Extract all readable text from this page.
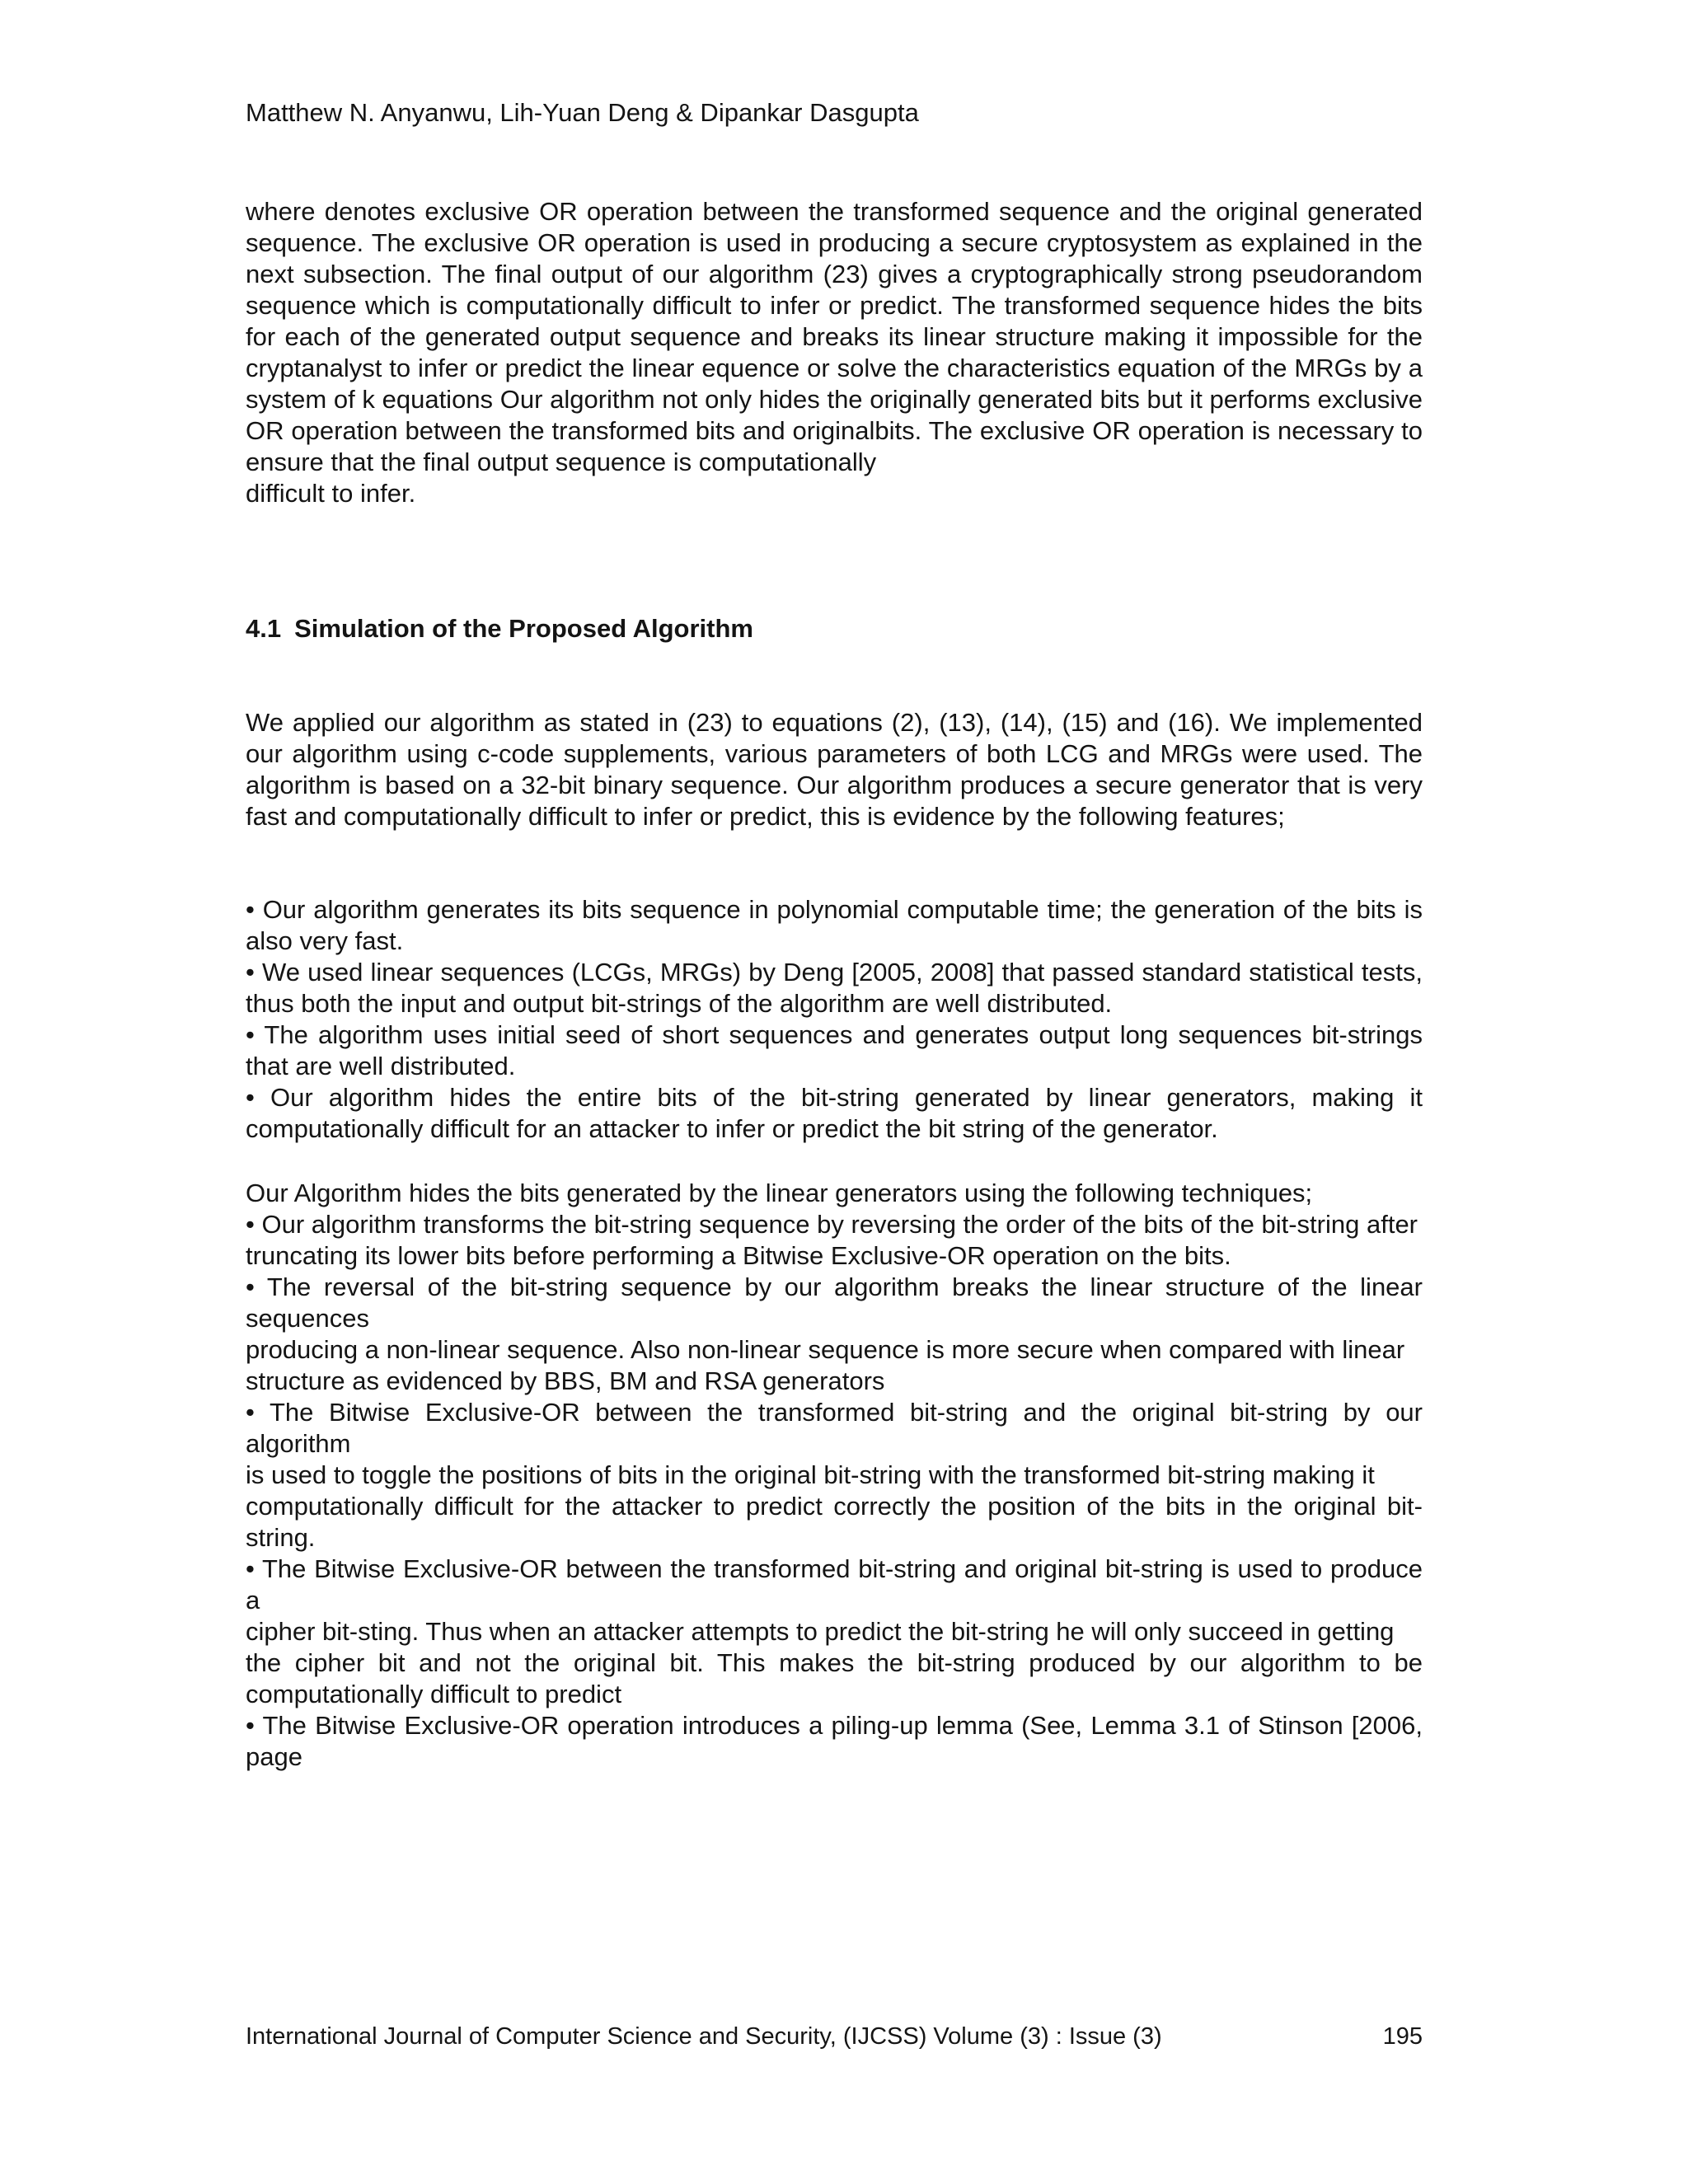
Matthew N. Anyanwu, Lih-Yuan Deng & Dipankar Dasgupta

where denotes exclusive OR operation between the transformed sequence and the original generated sequence. The exclusive OR operation is used in producing a secure cryptosystem as explained in the next subsection. The final output of our algorithm (23) gives a cryptographically strong pseudorandom sequence which is computationally difficult to infer or predict. The transformed sequence hides the bits for each of the generated output sequence and breaks its linear structure making it impossible for the cryptanalyst to infer or predict the linear equence or solve the characteristics equation of the MRGs by a system of k equations Our algorithm not only hides the originally generated bits but it performs exclusive OR operation between the transformed bits and originalbits. The exclusive OR operation is necessary to ensure that the final output sequence is computationally

difficult to infer.
4.1 Simulation of the Proposed Algorithm

We applied our algorithm as stated in (23) to equations (2), (13), (14), (15) and (16). We implemented our algorithm using c-code supplements, various parameters of both LCG and MRGs were used. The algorithm is based on a 32-bit binary sequence. Our algorithm produces a secure generator that is very fast and computationally difficult to infer or predict, this is evidence by the following features;

• Our algorithm generates its bits sequence in polynomial computable time; the generation of the bits is also very fast.

• We used linear sequences (LCGs, MRGs) by Deng [2005, 2008] that passed standard statistical tests, thus both the input and output bit-strings of the algorithm are well distributed.

• The algorithm uses initial seed of short sequences and generates output long sequences bit-strings that are well distributed.

• Our algorithm hides the entire bits of the bit-string generated by linear generators, making it computationally difficult for an attacker to infer or predict the bit string of the generator.

Our Algorithm hides the bits generated by the linear generators using the following techniques;

• Our algorithm transforms the bit-string sequence by reversing the order of the bits of the bit-string after

truncating its lower bits before performing a Bitwise Exclusive-OR operation on the bits.

• The reversal of the bit-string sequence by our algorithm breaks the linear structure of the linear sequences

producing a non-linear sequence. Also non-linear sequence is more secure when compared with linear

structure as evidenced by BBS, BM and RSA generators

• The Bitwise Exclusive-OR between the transformed bit-string and the original bit-string by our algorithm

is used to toggle the positions of bits in the original bit-string with the transformed bit-string making it

computationally difficult for the attacker to predict correctly the position of the bits in the original bit-string.

• The Bitwise Exclusive-OR between the transformed bit-string and original bit-string is used to produce a

cipher bit-sting. Thus when an attacker attempts to predict the bit-string he will only succeed in getting

the cipher bit and not the original bit. This makes the bit-string produced by our algorithm to be computationally difficult to predict

• The Bitwise Exclusive-OR operation introduces a piling-up lemma (See, Lemma 3.1 of Stinson [2006, page

International Journal of Computer Science and Security, (IJCSS) Volume (3) : Issue (3)	195
